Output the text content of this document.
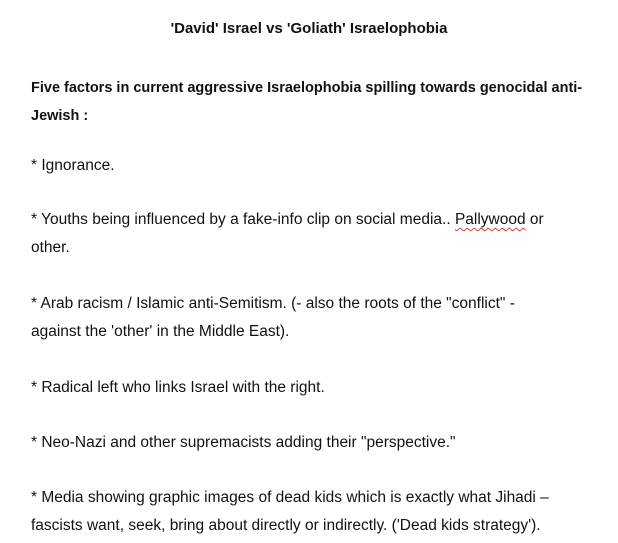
'David' Israel vs 'Goliath' Israelophobia
Five factors in current aggressive Israelophobia spilling towards genocidal anti-
Jewish :
* Ignorance.
* Youths being influenced by a fake-info clip on social media.. Pallywood or
other.
* Arab racism / Islamic anti-Semitism. (- also the roots of the "conflict" -
against the 'other' in the Middle East).
* Radical left who links Israel with the right.
* Neo-Nazi and other supremacists adding their "perspective."
* Media showing graphic images of dead kids which is exactly what Jihadi –
fascists want, seek, bring about directly or indirectly. ('Dead kids strategy').
